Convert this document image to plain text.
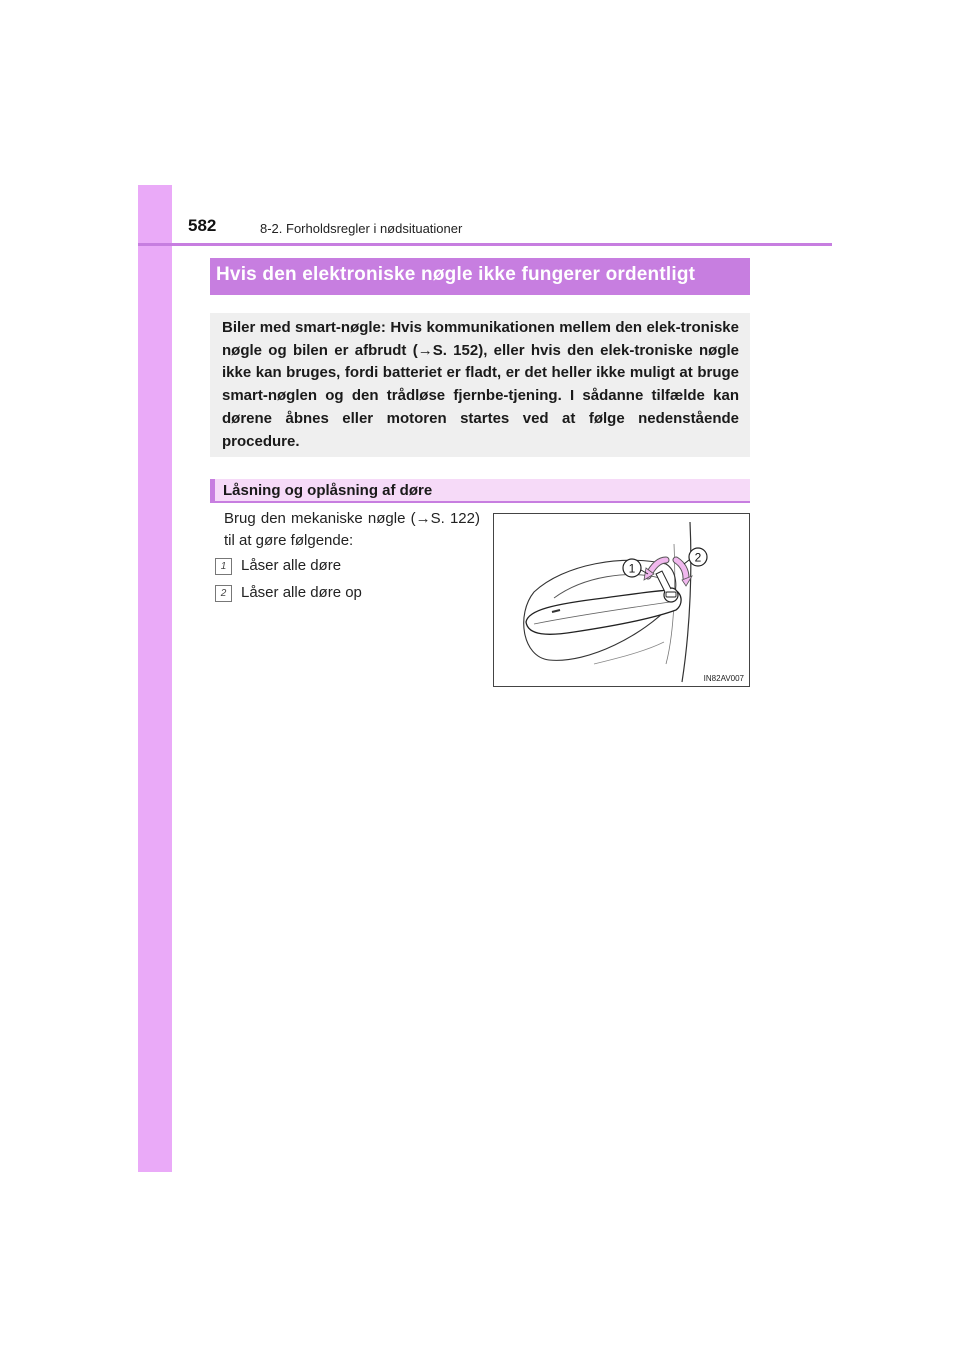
582	8-2. Forholdsregler i nødsituationer
Hvis den elektroniske nøgle ikke fungerer ordentligt

Biler med smart-nøgle: Hvis kommunikationen mellem den elek-troniske nøgle og bilen er afbrudt (→S. 152), eller hvis den elek-troniske nøgle ikke kan bruges, fordi batteriet er fladt, er det heller ikke muligt at bruge smart-nøglen og den trådløse fjernbe-tjening. I sådanne tilfælde kan dørene åbnes eller motoren startes ved at følge nedenstående procedure.

Låsning og oplåsning af døre

Brug den mekaniske nøgle (→S. 122) til at gøre følgende:

1 Låser alle døre
2 Låser alle døre op
1
2
IN82AV007
